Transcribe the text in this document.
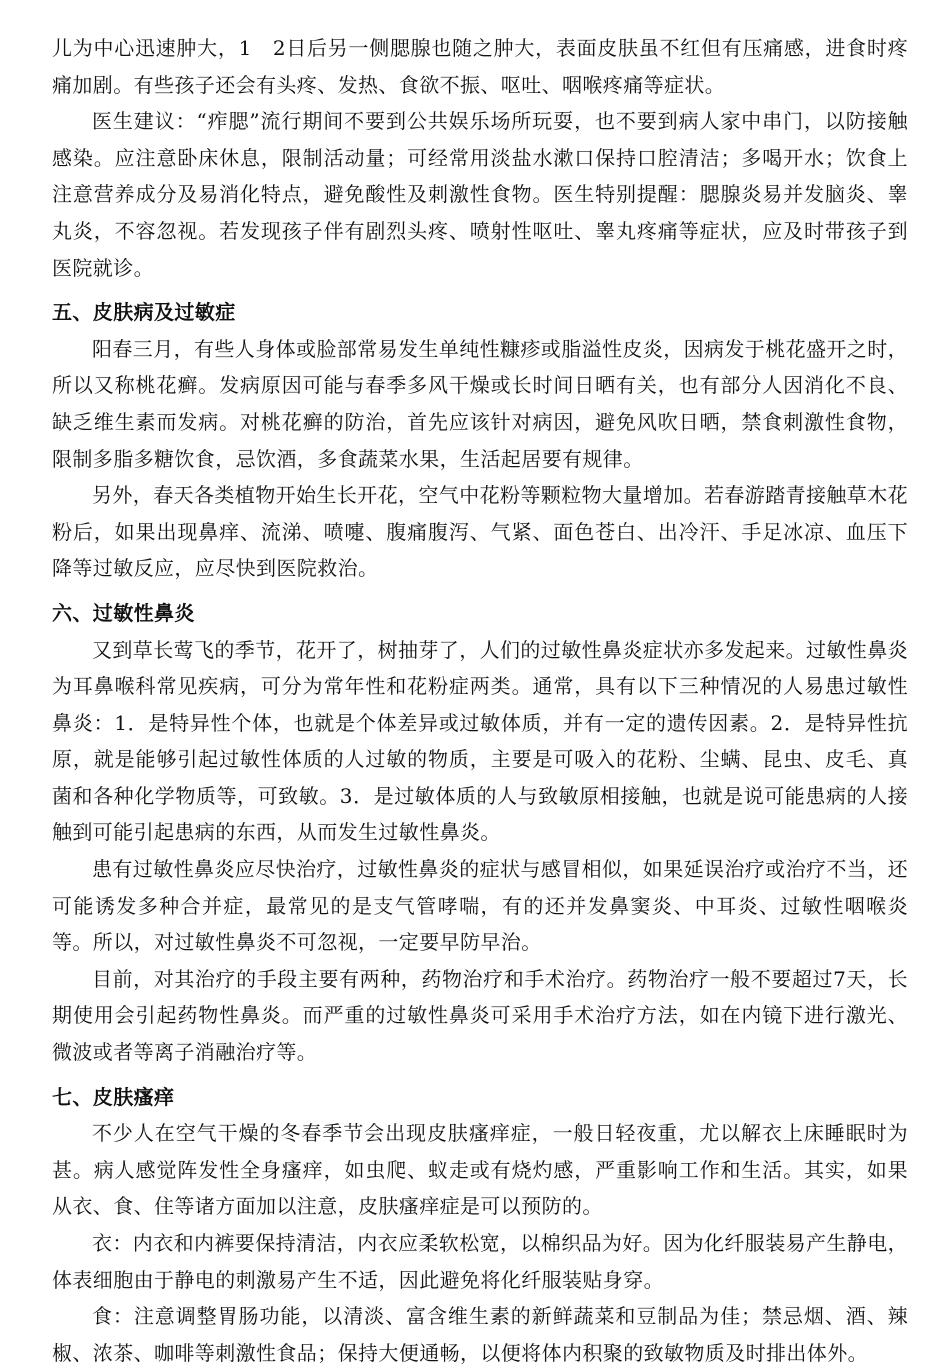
儿为中心迅速肿大，1　2日后另一侧腮腺也随之肿大，表面皮肤虽不红但有压痛感，进食时疼痛加剧。有些孩子还会有头疼、发热、食欲不振、呕吐、咽喉疼痛等症状。

医生建议：“痄腮”流行期间不要到公共娱乐场所玩耍，也不要到病人家中串门，以防接触感染。应注意卧床休息，限制活动量；可经常用淡盐水漱口保持口腔清洁；多喝开水；饮食上注意营养成分及易消化特点，避免酸性及刺激性食物。医生特别提醒：腮腺炎易并发脑炎、睾丸炎，不容忽视。若发现孩子伴有剧烈头疼、喷射性呕吐、睾丸疼痛等症状，应及时带孩子到医院就诊。

五、皮肤病及过敏症

阳春三月，有些人身体或脸部常易发生单纯性糠疹或脂溢性皮炎，因病发于桃花盛开之时，所以又称桃花癣。发病原因可能与春季多风干燥或长时间日晒有关，也有部分人因消化不良、缺乏维生素而发病。对桃花癣的防治，首先应该针对病因，避免风吹日晒，禁食刺激性食物，限制多脂多糖饮食，忌饮酒，多食蔬菜水果，生活起居要有规律。

另外，春天各类植物开始生长开花，空气中花粉等颗粒物大量增加。若春游踏青接触草木花粉后，如果出现鼻痒、流涕、喷嚏、腹痛腹泻、气紧、面色苍白、出冷汗、手足冰凉、血压下降等过敏反应，应尽快到医院救治。

六、过敏性鼻炎

又到草长莺飞的季节，花开了，树抽芽了，人们的过敏性鼻炎症状亦多发起来。过敏性鼻炎为耳鼻喉科常见疾病，可分为常年性和花粉症两类。通常，具有以下三种情况的人易患过敏性鼻炎：1．是特异性个体，也就是个体差异或过敏体质，并有一定的遗传因素。2．是特异性抗原，就是能够引起过敏性体质的人过敏的物质，主要是可吸入的花粉、尘螨、昆虫、皮毛、真菌和各种化学物质等，可致敏。3．是过敏体质的人与致敏原相接触，也就是说可能患病的人接触到可能引起患病的东西，从而发生过敏性鼻炎。

患有过敏性鼻炎应尽快治疗，过敏性鼻炎的症状与感冒相似，如果延误治疗或治疗不当，还可能诱发多种合并症，最常见的是支气管哮喘，有的还并发鼻窦炎、中耳炎、过敏性咽喉炎等。所以，对过敏性鼻炎不可忽视，一定要早防早治。

目前，对其治疗的手段主要有两种，药物治疗和手术治疗。药物治疗一般不要超过7天，长期使用会引起药物性鼻炎。而严重的过敏性鼻炎可采用手术治疗方法，如在内镜下进行激光、微波或者等离子消融治疗等。

七、皮肤瘙痒

不少人在空气干燥的冬春季节会出现皮肤瘙痒症，一般日轻夜重，尤以解衣上床睡眠时为甚。病人感觉阵发性全身瘙痒，如虫爬、蚁走或有烧灼感，严重影响工作和生活。其实，如果从衣、食、住等诸方面加以注意，皮肤瘙痒症是可以预防的。

衣：内衣和内裤要保持清洁，内衣应柔软松宽，以棉织品为好。因为化纤服装易产生静电，体表细胞由于静电的刺激易产生不适，因此避免将化纤服装贴身穿。

食：注意调整胃肠功能，以清淡、富含维生素的新鲜蔬菜和豆制品为佳；禁忌烟、酒、辣椒、浓茶、咖啡等刺激性食品；保持大便通畅，以便将体内积聚的致敏物质及时排出体外。
